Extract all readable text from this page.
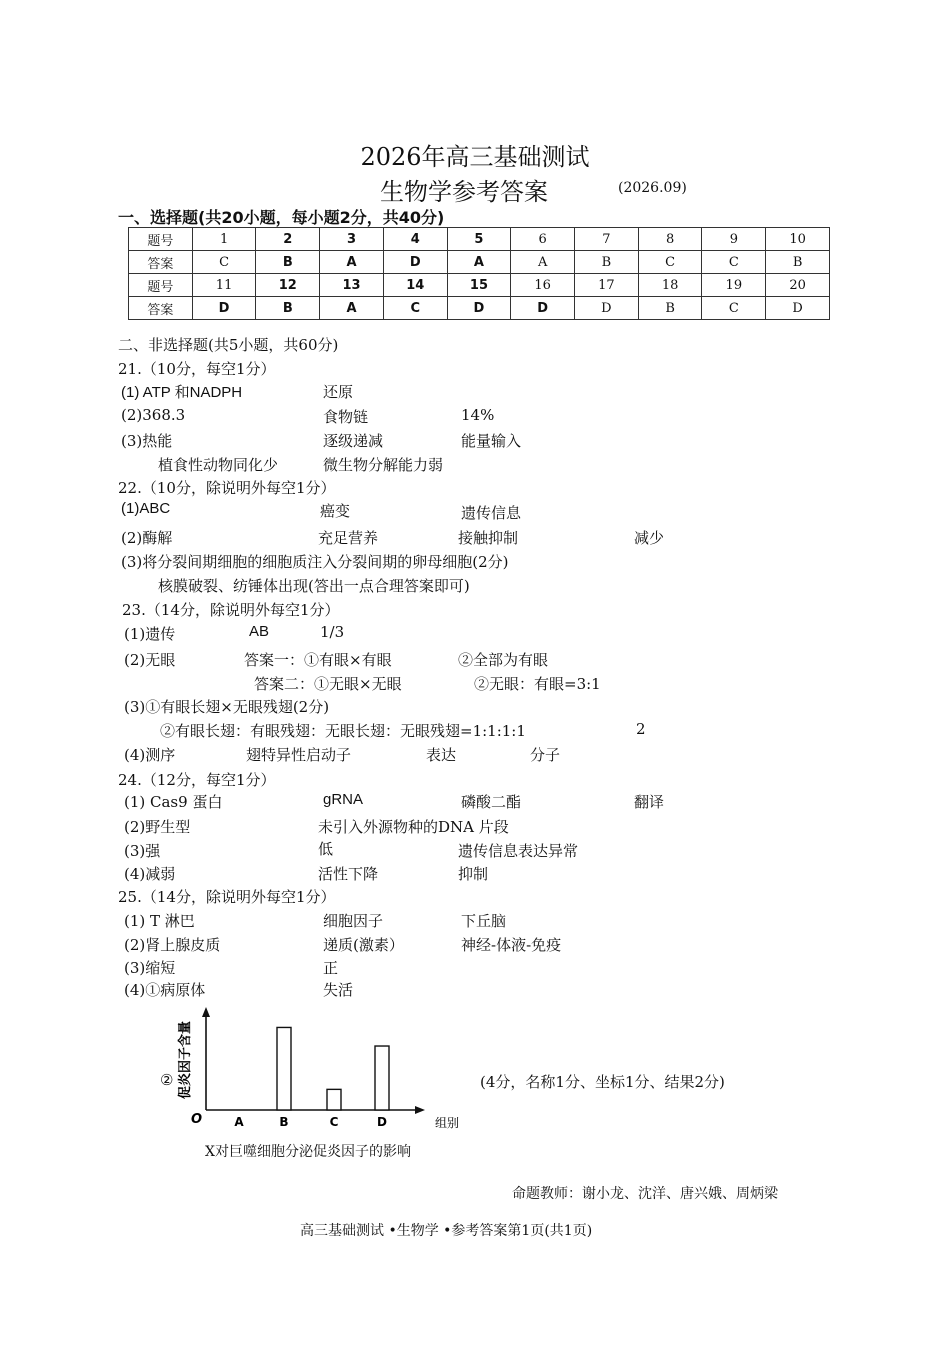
2026年高三基础测试
生物学参考答案	(2026.09)
一、选择题(共20小题，每小题2分，共40分)
题号	1	2	3	4	5	6	7	8	9	10
答案	C	B	A	D	A	A	B	C	C	B
题号	11	12	13	14	15	16	17	18	19	20
答案	D	B	A	C	D	D	D	B	C	D
二、非选择题(共5小题，共60分)
21.（10分，每空1分）
(1) ATP 和NADPH	还原
(2)368.3	食物链	14%
(3)热能	逐级递减	能量输入
植食性动物同化少	微生物分解能力弱
22.（10分，除说明外每空1分）
(1)ABC	癌变	遗传信息
(2)酶解	充足营养	接触抑制	减少
(3)将分裂间期细胞的细胞质注入分裂间期的卵母细胞(2分)
核膜破裂、纺锤体出现(答出一点合理答案即可)
23.（14分，除说明外每空1分）
(1)遗传	AB	1/3
(2)无眼	答案一：①有眼×有眼	②全部为有眼
答案二：①无眼×无眼	②无眼：有眼=3:1
(3)①有眼长翅×无眼残翅(2分)
②有眼长翅：有眼残翅：无眼长翅：无眼残翅=1:1:1:1	2
(4)测序	翅特异性启动子	表达	分子
24.（12分，每空1分）
(1) Cas9 蛋白	gRNA	磷酸二酯	翻译
(2)野生型	未引入外源物种的DNA 片段
(3)强	低	遗传信息表达异常
(4)减弱	活性下降	抑制
25.（14分，除说明外每空1分）
(1) T 淋巴	细胞因子	下丘脑
(2)肾上腺皮质	递质(激素）	神经-体液-免疫
(3)缩短	正
(4)①病原体	失活
②	(4分，名称1分、坐标1分、结果2分)
促炎因子含量
O	组别
A	B	C	D
X对巨噬细胞分泌促炎因子的影响
命题教师：谢小龙、沈洋、唐兴娥、周炳梁
高三基础测试 •生物学 •参考答案第1页(共1页)
